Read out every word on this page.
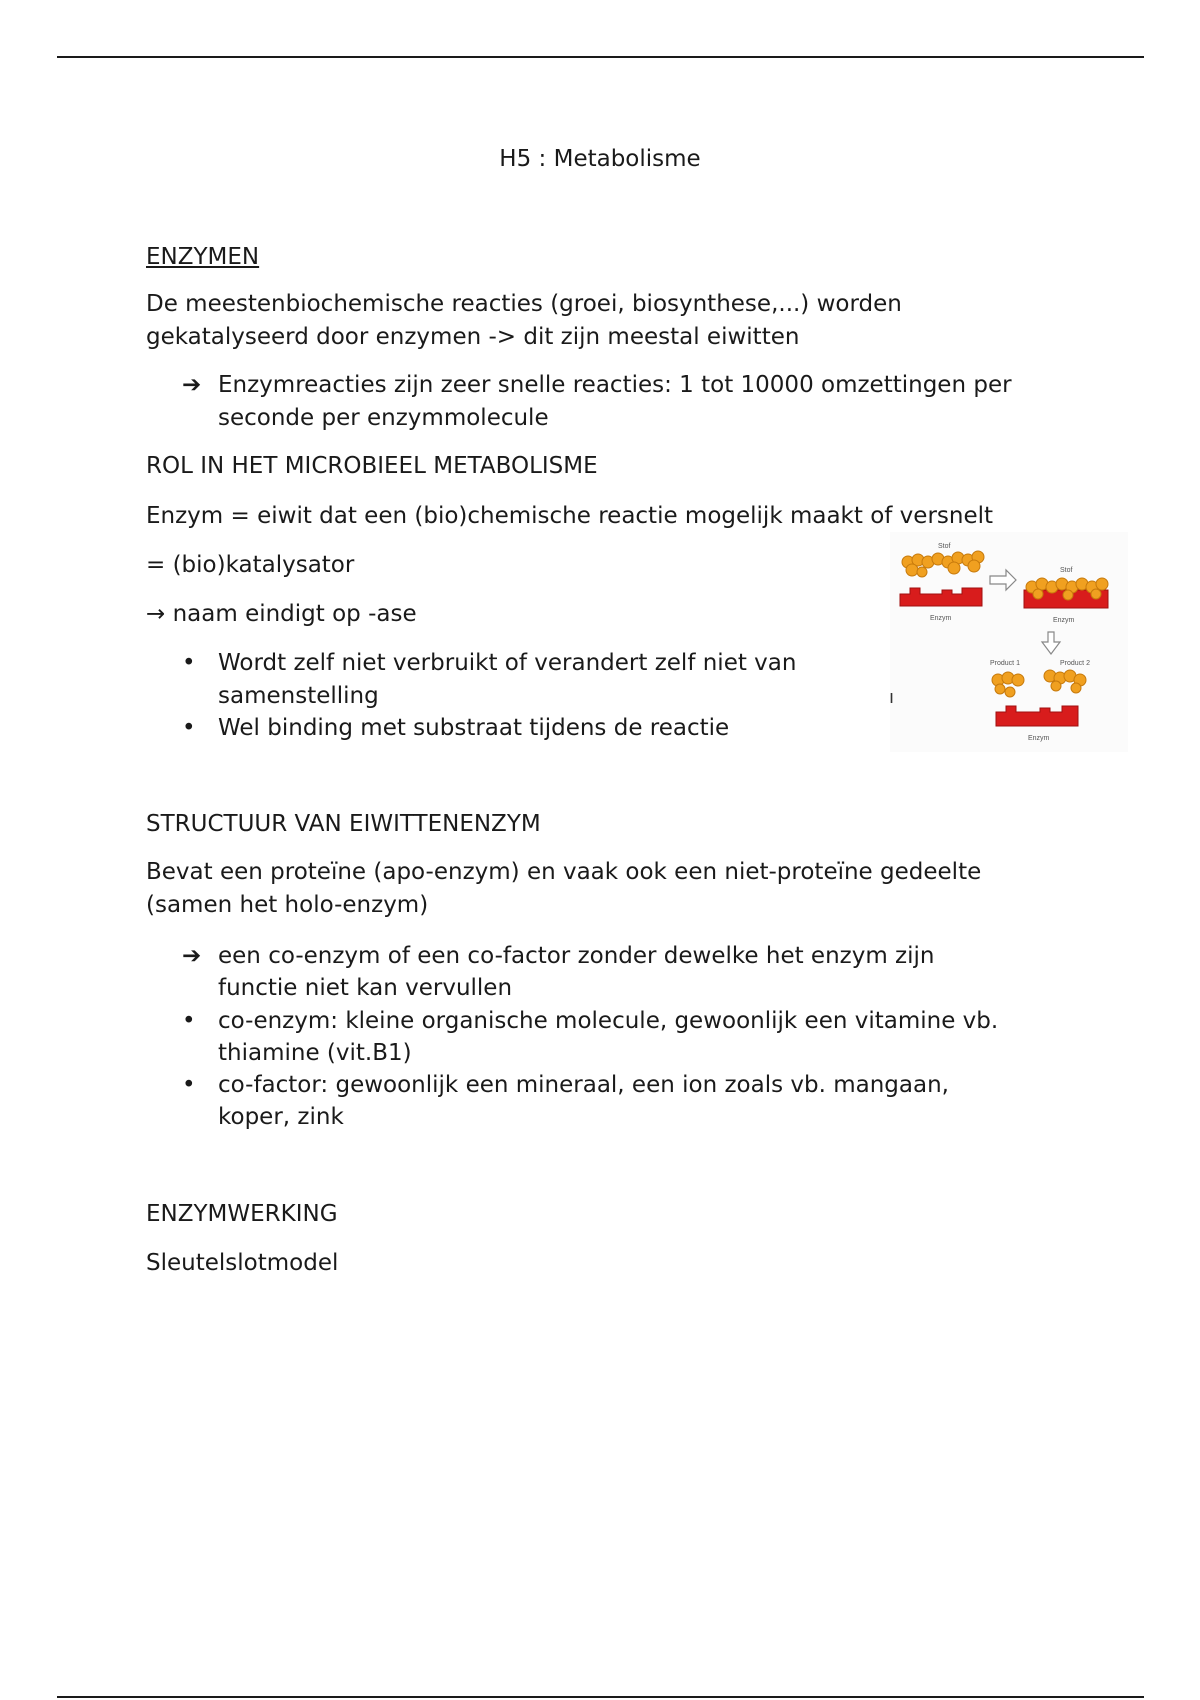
H5 : Metabolisme
ENZYMEN
De meestenbiochemische reacties (groei, biosynthese,...) worden
gekatalyseerd door enzymen -> dit zijn meestal eiwitten
➔ Enzymreacties zijn zeer snelle reacties: 1 tot 10000 omzettingen per
seconde per enzymmolecule
ROL IN HET MICROBIEEL METABOLISME
Enzym = eiwit dat een (bio)chemische reactie mogelijk maakt of versnelt
= (bio)katalysator
→ naam eindigt op -ase
• Wordt zelf niet verbruikt of verandert zelf niet van
samenstelling
• Wel binding met substraat tijdens de reactie
Stof
Enzym
Stof
Enzym
Product 1	Product 2
Enzym
ı
STRUCTUUR VAN EIWITTENENZYM
Bevat een proteïne (apo-enzym) en vaak ook een niet-proteïne gedeelte
(samen het holo-enzym)
➔ een co-enzym of een co-factor zonder dewelke het enzym zijn
functie niet kan vervullen
• co-enzym: kleine organische molecule, gewoonlijk een vitamine vb.
thiamine (vit.B1)
• co-factor: gewoonlijk een mineraal, een ion zoals vb. mangaan,
koper, zink
ENZYMWERKING
Sleutelslotmodel
